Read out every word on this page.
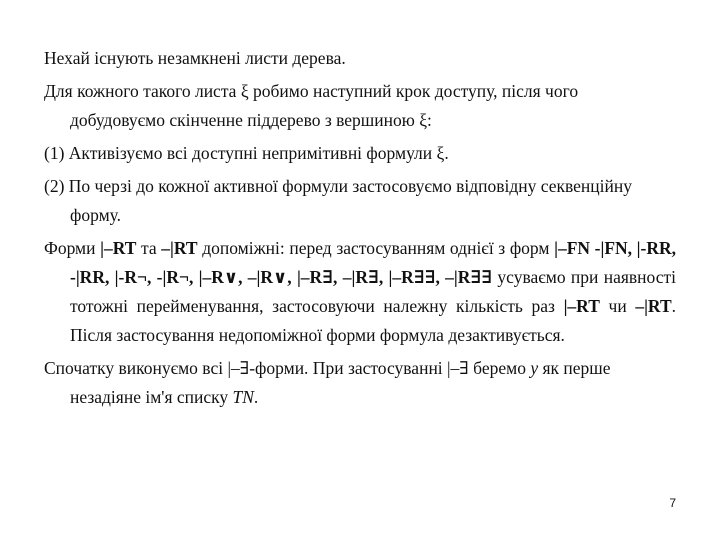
Нехай існують незамкнені листи дерева.

Для кожного такого листа ξ робимо наступний крок доступу, після чого добудовуємо скінченне піддерево з вершиною ξ:

(1) Активізуємо всі доступні непримітивні формули ξ.

(2) По черзі до кожної активної формули застосовуємо відповідну секвенційну форму.

Форми |–RT та –|RT допоміжні: перед застосуванням однієї з форм |–FN -|FN, |-RR, -|RR, |-R¬, -|R¬, |–R∨, –|R∨, |–R∃, –|R∃, |–R∃∃, –|R∃∃ усуваємо при наявності тотожні перейменування, застосовуючи належну кількість раз |–RT чи –|RT. Після застосування недопоміжної форми формула дезактивується.

Спочатку виконуємо всі |–∃-форми. При застосуванні |–∃ беремо y як перше незадіяне ім'я списку TN.

7
